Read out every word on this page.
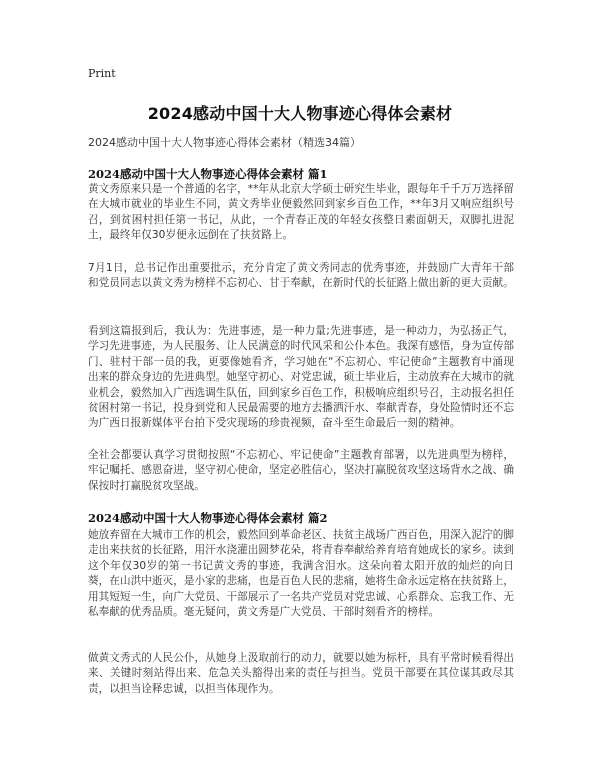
Print
2024感动中国十大人物事迹心得体会素材
2024感动中国十大人物事迹心得体会素材（精选34篇）
2024感动中国十大人物事迹心得体会素材 篇1

黄文秀原来只是一个普通的名字，**年从北京大学硕士研究生毕业，跟每年千千万万选择留在大城市就业的毕业生不同，黄文秀毕业便毅然回到家乡百色工作，**年3月又响应组织号召，到贫困村担任第一书记，从此，一个青春正茂的年轻女孩整日素面朝天，双脚扎进泥土，最终年仅30岁便永远倒在了扶贫路上。

7月1日，总书记作出重要批示，充分肯定了黄文秀同志的优秀事迹，并鼓励广大青年干部和党员同志以黄文秀为榜样不忘初心、甘于奉献，在新时代的长征路上做出新的更大贡献。

看到这篇报到后，我认为：先进事迹，是一种力量;先进事迹，是一种动力，为弘扬正气，学习先进事迹，为人民服务、让人民满意的时代风采和公仆本色。我深有感悟，身为宣传部门、驻村干部一员的我，更要像她看齐，学习她在“不忘初心、牢记使命”主题教育中涌现出来的群众身边的先进典型。她坚守初心、对党忠诚，硕士毕业后，主动放弃在大城市的就业机会，毅然加入广西选调生队伍，回到家乡百色工作，积极响应组织号召，主动报名担任贫困村第一书记，投身到党和人民最需要的地方去播洒汗水、奉献青春，身处险情时还不忘为广西日报新媒体平台拍下受灾现场的珍贵视频，奋斗至生命最后一刻的精神。

全社会都要认真学习贯彻按照“不忘初心、牢记使命”主题教育部署，以先进典型为榜样，牢记嘱托、感恩奋进，坚守初心使命，坚定必胜信心，坚决打赢脱贫攻坚这场背水之战、确保按时打赢脱贫攻坚战。

2024感动中国十大人物事迹心得体会素材 篇2

她放弃留在大城市工作的机会，毅然回到革命老区、扶贫主战场广西百色，用深入泥泞的脚走出来扶贫的长征路，用汗水浇灌出圆梦花朵，将青春奉献给养育培育她成长的家乡。读到这个年仅30岁的第一书记黄文秀的事迹，我满含泪水。这朵向着太阳开放的灿烂的向日葵，在山洪中逝灭，是小家的悲痛，也是百色人民的悲痛，她将生命永远定格在扶贫路上，用其短短一生，向广大党员、干部展示了一名共产党员对党忠诚、心系群众、忘我工作、无私奉献的优秀品质。毫无疑问，黄文秀是广大党员、干部时刻看齐的榜样。

做黄文秀式的人民公仆，从她身上汲取前行的动力，就要以她为标杆，具有平常时候看得出来、关键时刻站得出来、危急关头豁得出来的责任与担当。党员干部要在其位谋其政尽其责，以担当诠释忠诚，以担当体现作为。
